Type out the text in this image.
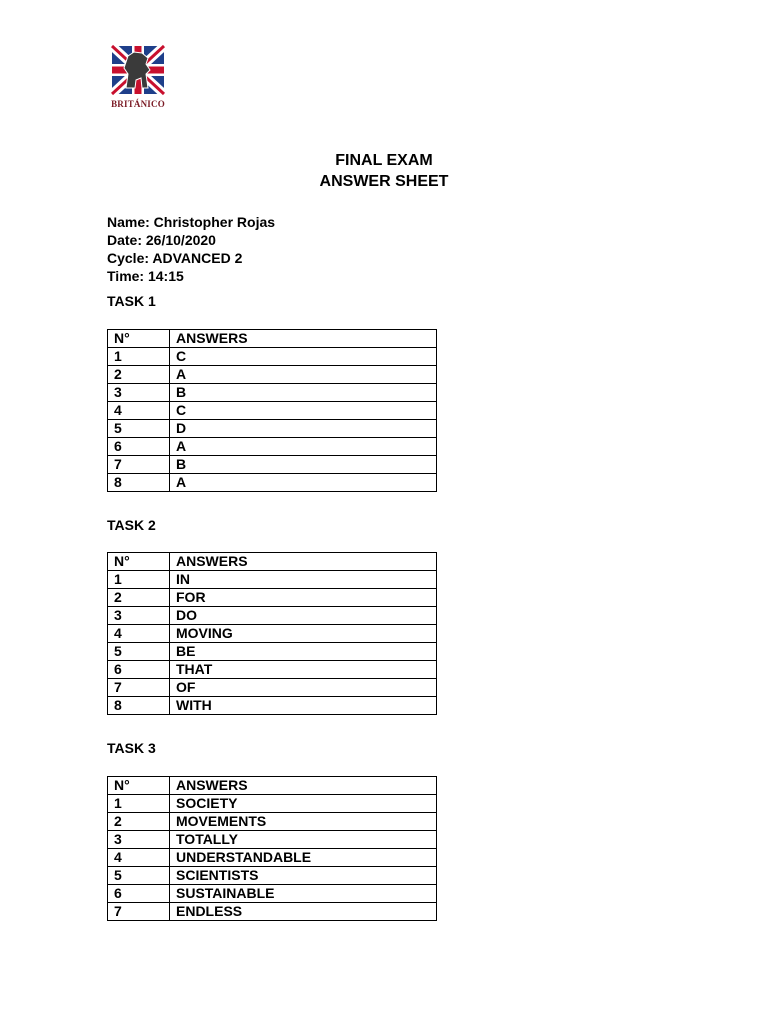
BRITÁNICO
FINAL EXAM
ANSWER SHEET
Name: Christopher Rojas
Date: 26/10/2020
Cycle: ADVANCED 2
Time: 14:15
TASK 1
N°	ANSWERS
1	C
2	A
3	B
4	C
5	D
6	A
7	B
8	A
TASK 2
N°	ANSWERS
1	IN
2	FOR
3	DO
4	MOVING
5	BE
6	THAT
7	OF
8	WITH
TASK 3
N°	ANSWERS
1	SOCIETY
2	MOVEMENTS
3	TOTALLY
4	UNDERSTANDABLE
5	SCIENTISTS
6	SUSTAINABLE
7	ENDLESS
